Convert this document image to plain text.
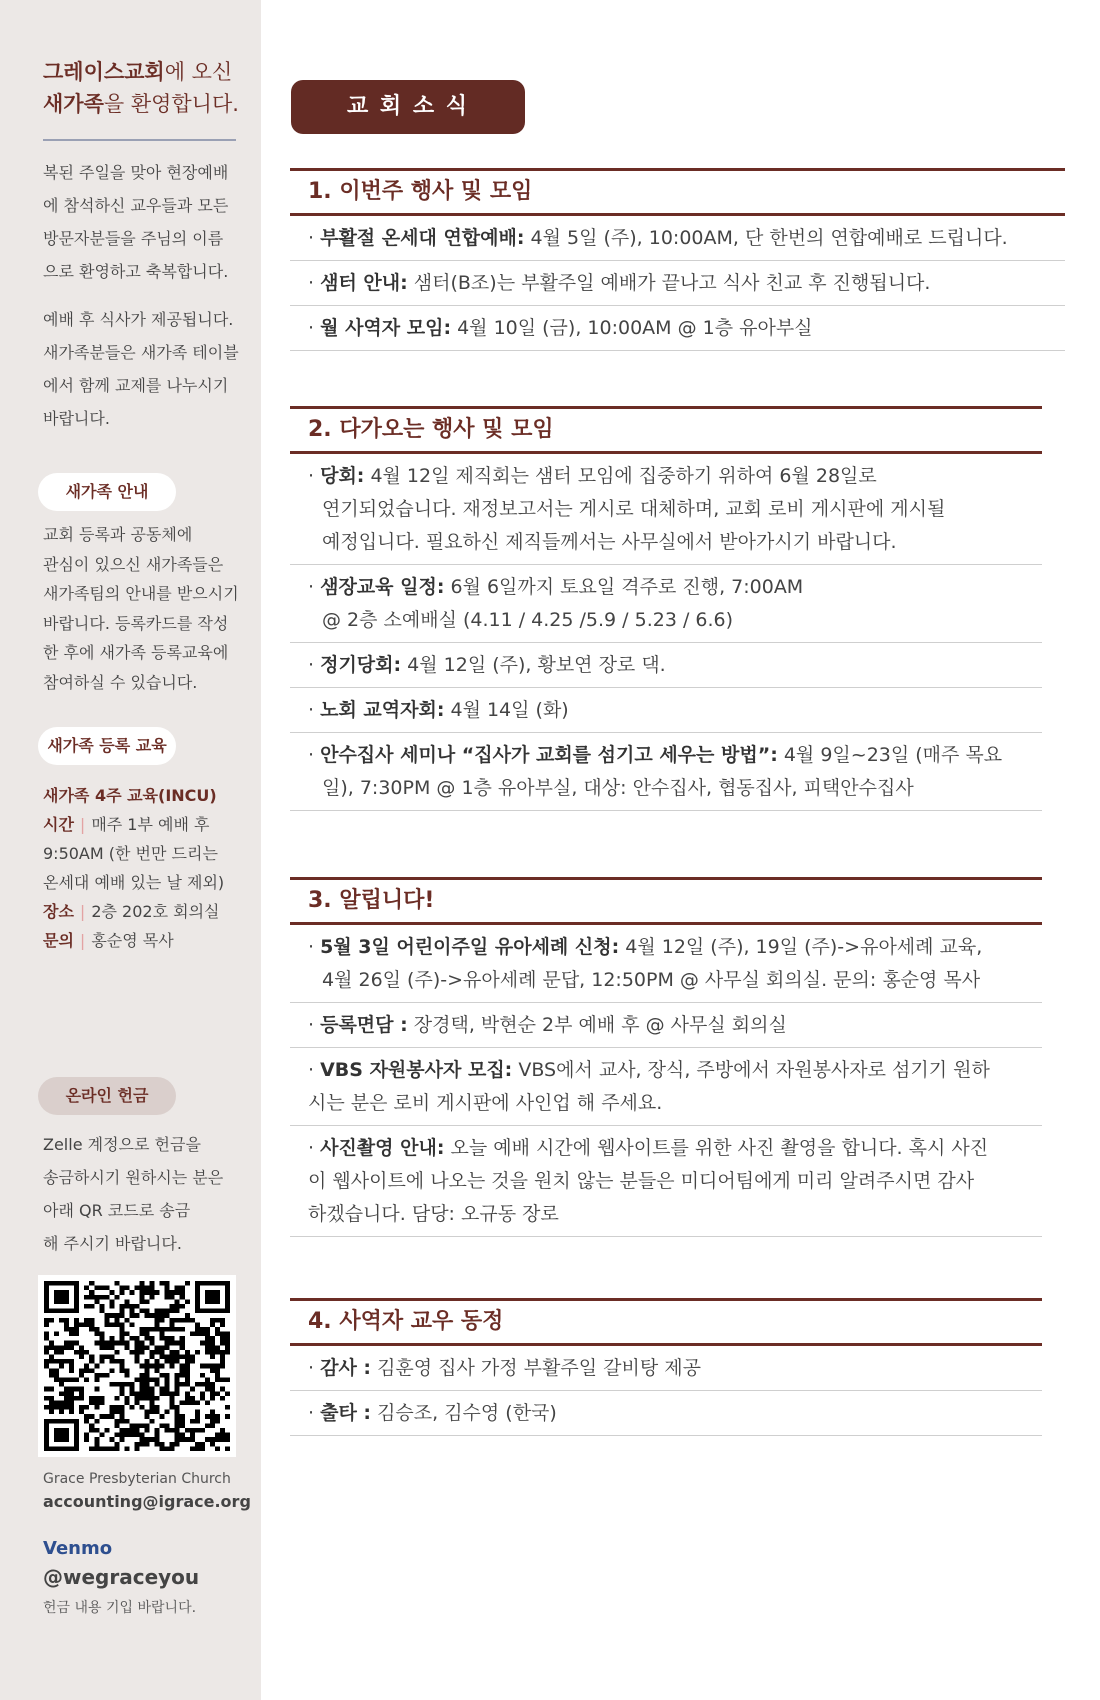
그레이스교회에 오신
새가족을 환영합니다.
복된 주일을 맞아 현장예배
에 참석하신 교우들과 모든
방문자분들을 주님의 이름
으로 환영하고 축복합니다.
예배 후 식사가 제공됩니다.
새가족분들은 새가족 테이블
에서 함께 교제를 나누시기
바랍니다.
새가족 안내
교회 등록과 공동체에
관심이 있으신 새가족들은
새가족팀의 안내를 받으시기
바랍니다. 등록카드를 작성
한 후에 새가족 등록교육에
참여하실 수 있습니다.
새가족 등록 교육
새가족 4주 교육(INCU)
시간 | 매주 1부 예배 후
9:50AM (한 번만 드리는
온세대 예배 있는 날 제외)
장소 | 2층 202호 회의실
문의 | 홍순영 목사
온라인 헌금
Zelle 계정으로 헌금을
송금하시기 원하시는 분은
아래 QR 코드로 송금
해 주시기 바랍니다.
Grace Presbyterian Church
accounting@igrace.org
Venmo
@wegraceyou
헌금 내용 기입 바랍니다.
교 회 소 식
1. 이번주 행사 및 모임
· 부활절 온세대 연합예배: 4월 5일 (주), 10:00AM, 단 한번의 연합예배로 드립니다.
· 샘터 안내: 샘터(B조)는 부활주일 예배가 끝나고 식사 친교 후 진행됩니다.
· 월 사역자 모임: 4월 10일 (금), 10:00AM @ 1층 유아부실
2. 다가오는 행사 및 모임
· 당회: 4월 12일 제직회는 샘터 모임에 집중하기 위하여 6월 28일로
연기되었습니다. 재정보고서는 게시로 대체하며, 교회 로비 게시판에 게시될
예정입니다. 필요하신 제직들께서는 사무실에서 받아가시기 바랍니다.
· 샘장교육 일정: 6월 6일까지 토요일 격주로 진행, 7:00AM
@ 2층 소예배실 (4.11 / 4.25 /5.9 / 5.23 / 6.6)
· 정기당회: 4월 12일 (주), 황보연 장로 댁.
· 노회 교역자회: 4월 14일 (화)
· 안수집사 세미나 “집사가 교회를 섬기고 세우는 방법”: 4월 9일~23일 (매주 목요
일), 7:30PM @ 1층 유아부실, 대상: 안수집사, 협동집사, 피택안수집사
3. 알립니다!
· 5월 3일 어린이주일 유아세례 신청: 4월 12일 (주), 19일 (주)->유아세례 교육,
4월 26일 (주)->유아세례 문답, 12:50PM @ 사무실 회의실. 문의: 홍순영 목사
· 등록면담 : 장경택, 박현순 2부 예배 후 @ 사무실 회의실
· VBS 자원봉사자 모집: VBS에서 교사, 장식, 주방에서 자원봉사자로 섬기기 원하
시는 분은 로비 게시판에 사인업 해 주세요.
· 사진촬영 안내: 오늘 예배 시간에 웹사이트를 위한 사진 촬영을 합니다. 혹시 사진
이 웹사이트에 나오는 것을 원치 않는 분들은 미디어팀에게 미리 알려주시면 감사
하겠습니다. 담당: 오규동 장로
4. 사역자 교우 동정
· 감사 : 김훈영 집사 가정 부활주일 갈비탕 제공
· 출타 : 김승조, 김수영 (한국)
